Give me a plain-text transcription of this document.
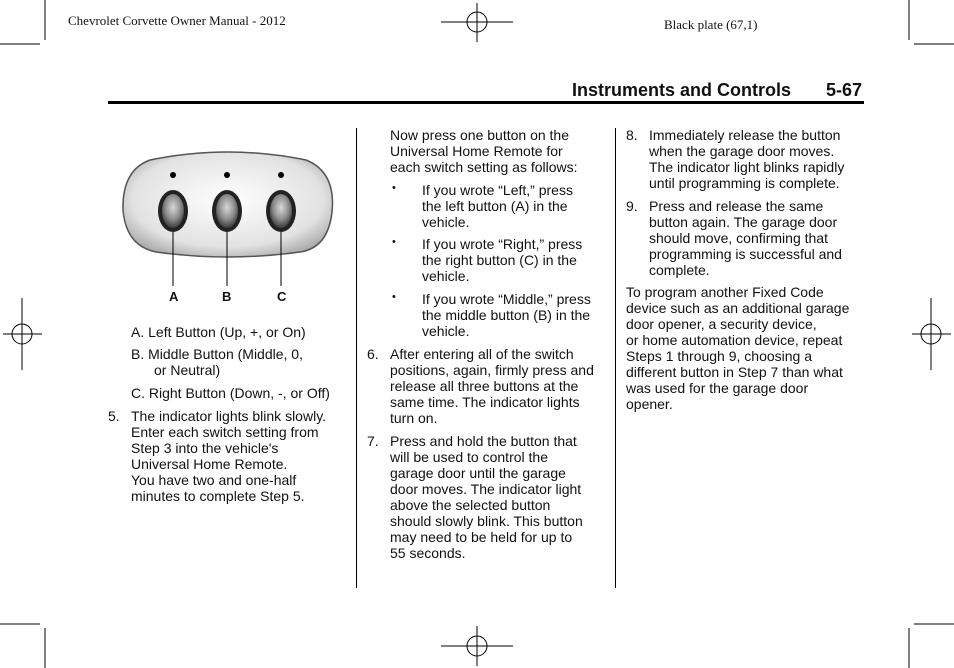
Chevrolet Corvette Owner Manual - 2012	Black plate (67,1)
Instruments and Controls 5-67
A	B	C
A. Left Button (Up, +, or On)
B. Middle Button (Middle, 0,
or Neutral)
C. Right Button (Down, -, or Off)
5. The indicator lights blink slowly.
Enter each switch setting from
Step 3 into the vehicle's
Universal Home Remote.
You have two and one-half
minutes to complete Step 5.
Now press one button on the
Universal Home Remote for
each switch setting as follows:
• If you wrote “Left,” press
the left button (A) in the
vehicle.
• If you wrote “Right,” press
the right button (C) in the
vehicle.
• If you wrote “Middle,” press
the middle button (B) in the
vehicle.
6. After entering all of the switch
positions, again, firmly press and
release all three buttons at the
same time. The indicator lights
turn on.
7. Press and hold the button that
will be used to control the
garage door until the garage
door moves. The indicator light
above the selected button
should slowly blink. This button
may need to be held for up to
55 seconds.
8. Immediately release the button
when the garage door moves.
The indicator light blinks rapidly
until programming is complete.
9. Press and release the same
button again. The garage door
should move, confirming that
programming is successful and
complete.
To program another Fixed Code
device such as an additional garage
door opener, a security device,
or home automation device, repeat
Steps 1 through 9, choosing a
different button in Step 7 than what
was used for the garage door
opener.
